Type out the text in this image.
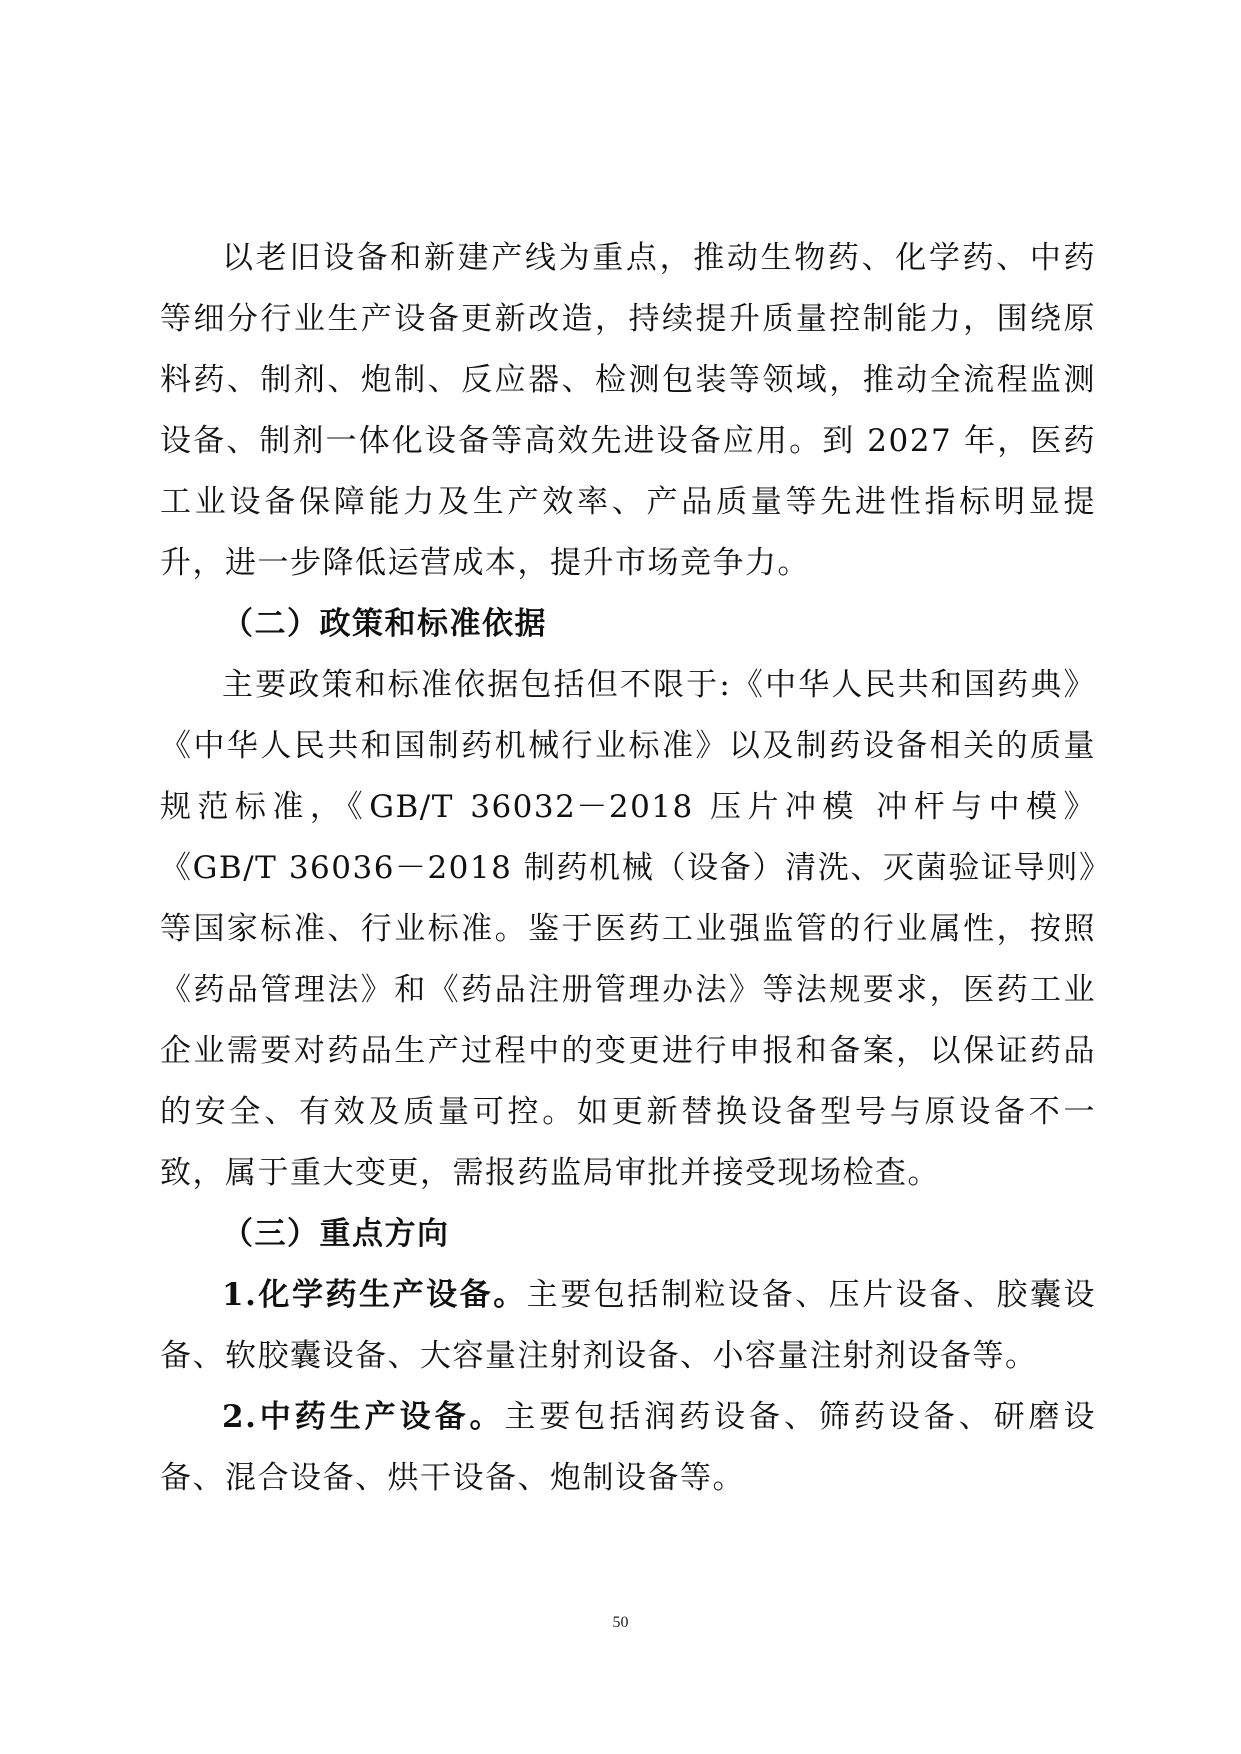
以老旧设备和新建产线为重点，推动生物药、化学药、中药等细分行业生产设备更新改造，持续提升质量控制能力，围绕原料药、制剂、炮制、反应器、检测包装等领域，推动全流程监测设备、制剂一体化设备等高效先进设备应用。到 2027 年，医药工业设备保障能力及生产效率、产品质量等先进性指标明显提升，进一步降低运营成本，提升市场竞争力。

（二）政策和标准依据

主要政策和标准依据包括但不限于:《中华人民共和国药典》《中华人民共和国制药机械行业标准》以及制药设备相关的质量规范标准，《GB/T 36032－2018 压片冲模 冲杆与中模》《GB/T 36036－2018 制药机械（设备）清洗、灭菌验证导则》等国家标准、行业标准。鉴于医药工业强监管的行业属性，按照《药品管理法》和《药品注册管理办法》等法规要求，医药工业企业需要对药品生产过程中的变更进行申报和备案，以保证药品的安全、有效及质量可控。如更新替换设备型号与原设备不一致，属于重大变更，需报药监局审批并接受现场检查。

（三）重点方向

1.化学药生产设备。主要包括制粒设备、压片设备、胶囊设备、软胶囊设备、大容量注射剂设备、小容量注射剂设备等。

2.中药生产设备。主要包括润药设备、筛药设备、研磨设备、混合设备、烘干设备、炮制设备等。

50
